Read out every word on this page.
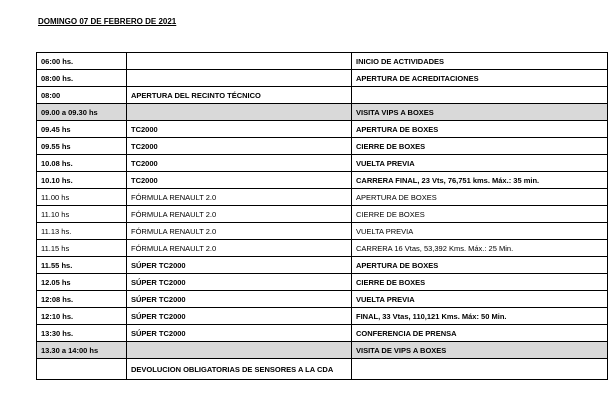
DOMINGO 07 DE FEBRERO DE 2021
06:00 hs.		INICIO DE ACTIVIDADES
08:00 hs.		APERTURA DE ACREDITACIONES
08:00	APERTURA DEL RECINTO TÉCNICO	
09.00 a 09.30 hs		VISITA VIPS A BOXES
09.45 hs	TC2000	APERTURA DE BOXES
09.55 hs	TC2000	CIERRE DE BOXES
10.08 hs.	TC2000	VUELTA PREVIA
10.10 hs.	TC2000	CARRERA FINAL, 23 Vts, 76,751 kms. Máx.: 35 min.
11.00 hs	FÓRMULA RENAULT 2.0	APERTURA DE BOXES
11.10 hs	FÓRMULA RENAULT 2.0	CIERRE DE BOXES
11.13 hs.	FÓRMULA RENAULT 2.0	VUELTA PREVIA
11.15 hs	FÓRMULA RENAULT 2.0	CARRERA 16 Vtas, 53,392 Kms. Máx.: 25 Min.
11.55 hs.	SÚPER TC2000	APERTURA DE BOXES
12.05 hs	SÚPER TC2000	CIERRE DE BOXES
12:08 hs.	SÚPER TC2000	VUELTA PREVIA
12:10 hs.	SÚPER TC2000	FINAL, 33 Vtas, 110,121 Kms. Máx: 50 Min.
13:30 hs.	SÚPER TC2000	CONFERENCIA DE PRENSA
13.30 a 14:00 hs		VISITA DE VIPS A BOXES
	DEVOLUCION OBLIGATORIAS DE SENSORES A LA CDA	
